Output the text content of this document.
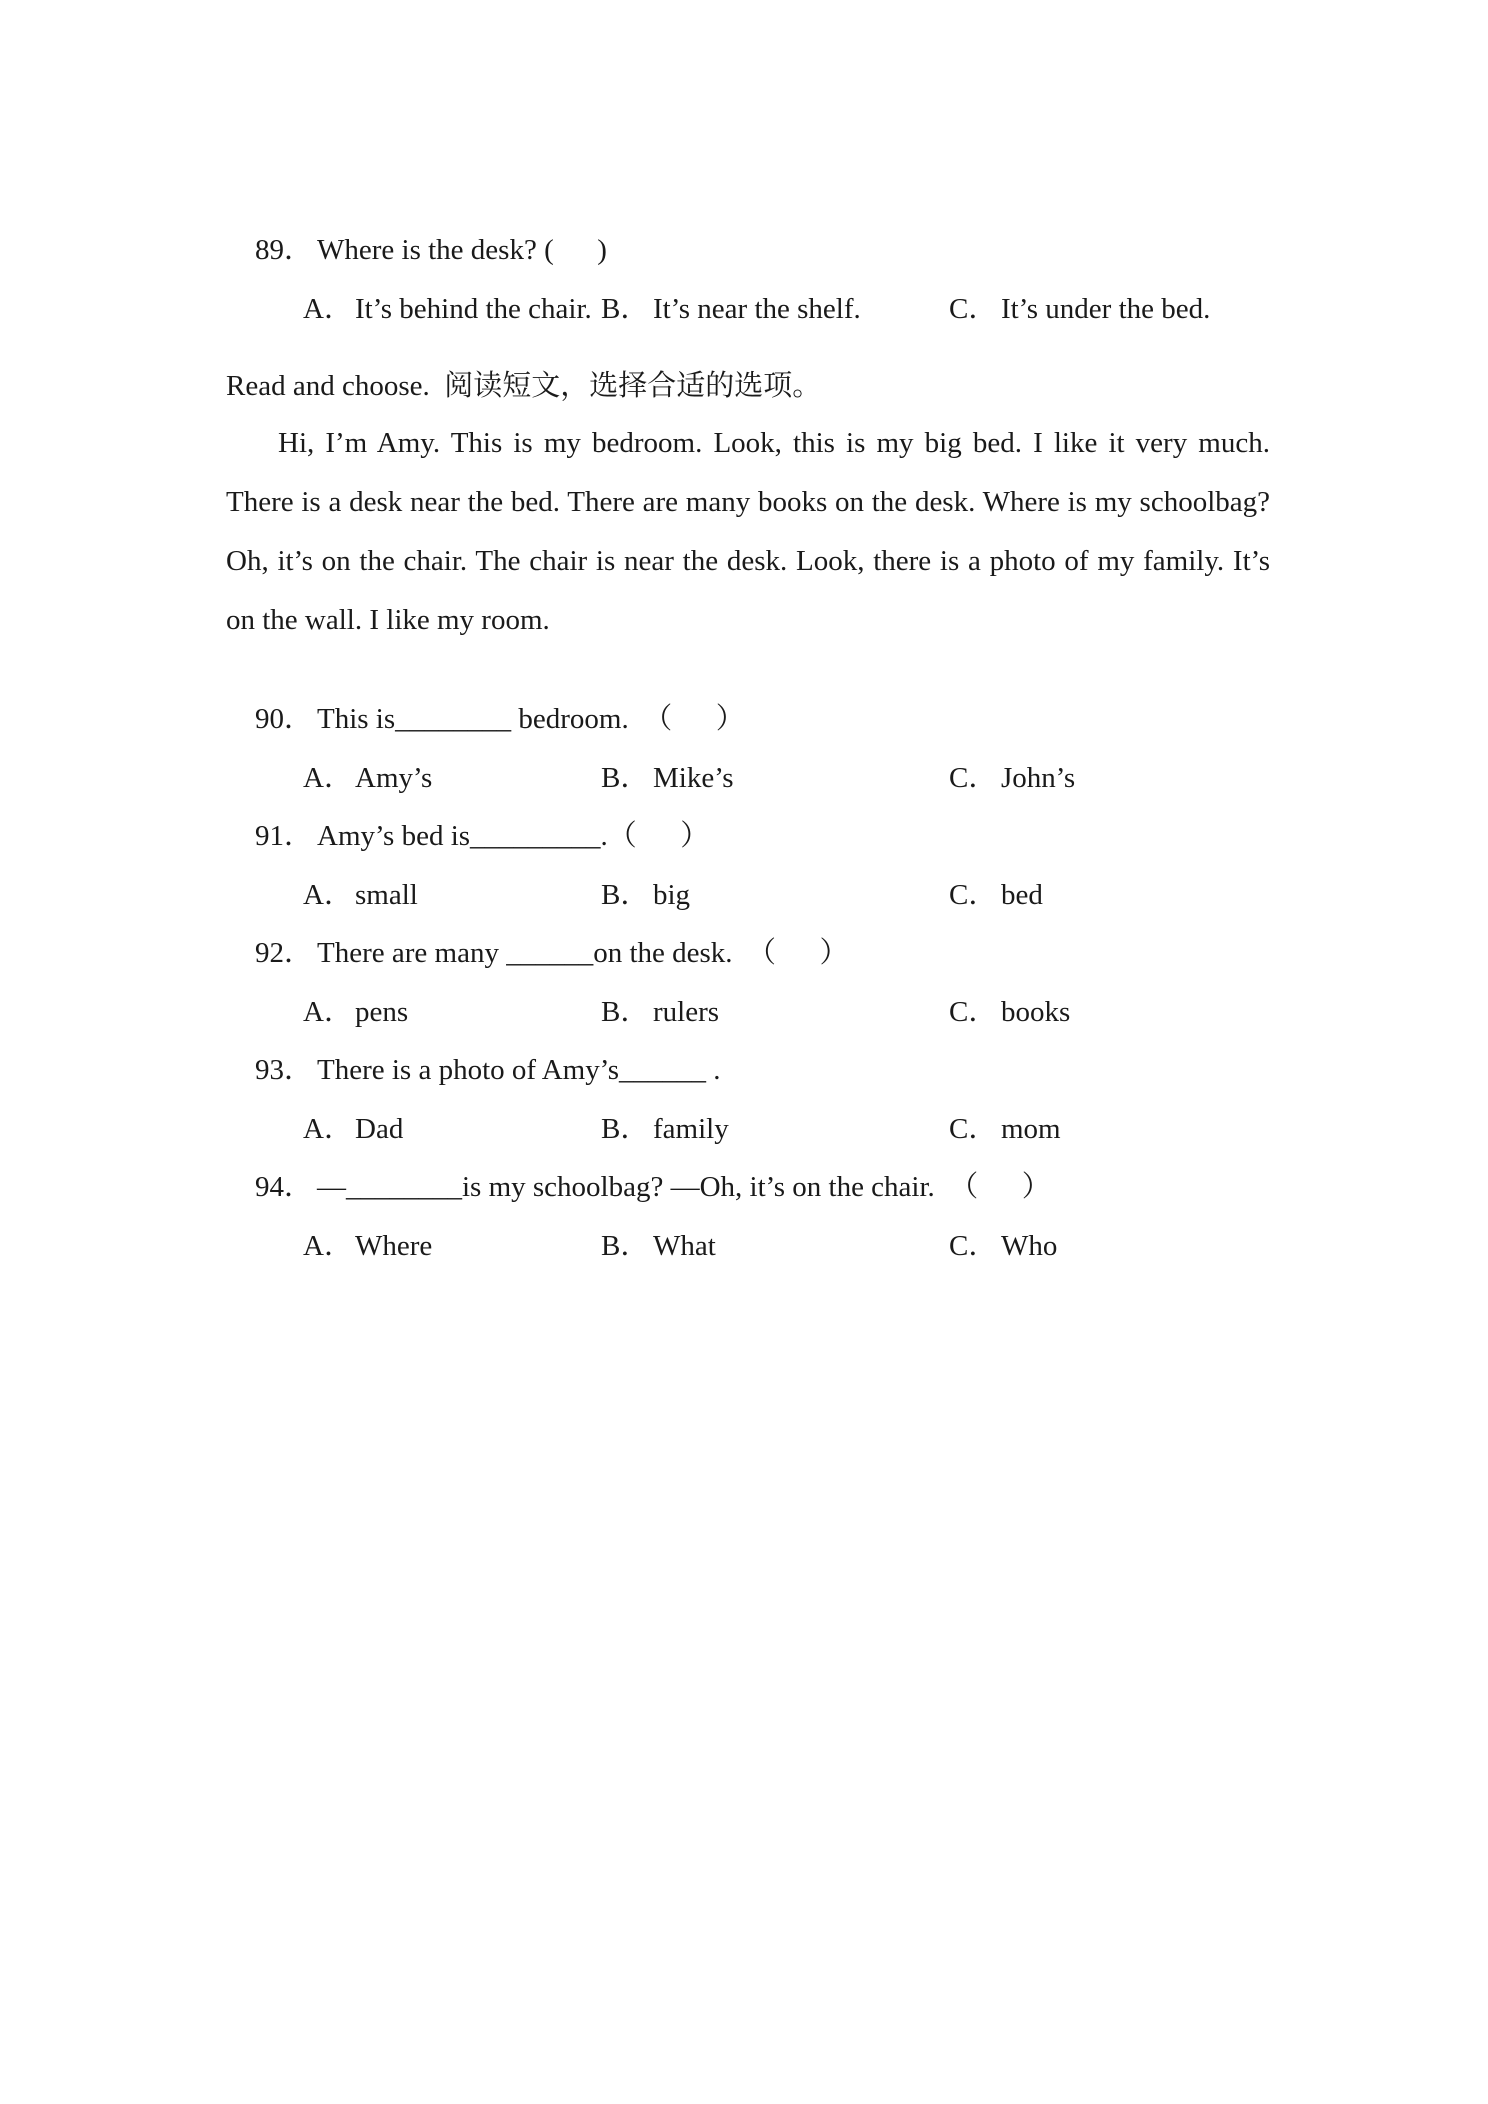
89． Where is the desk? (      )

A．It’s behind the chair.
B． It’s near the shelf.
	C． It’s under the bed.

Read and choose.  阅读短文，选择合适的选项。
Hi, I’m Amy. This is my bedroom. Look, this is my big bed. I like it very much. There is a desk near the bed. There are many books on the desk. Where is my schoolbag? Oh, it’s on the chair. The chair is near the desk. Look, there is a photo of my family. It’s on the wall. I like my room.

90． This is________ bedroom.  （      ）

A．Amy’s
	B． Mike’s
	C． John’s

91． Amy’s bed is_________.（      ）

A．small
	B． big
	C． bed

92． There are many ______on the desk.  （      ）

A．pens
	B． rulers
	C． books

93． There is a photo of Amy’s______ .

A．Dad
	B． family
	C． mom

94． —________is my schoolbag? —Oh, it’s on the chair.  （      ）

A．Where
	B． What
	C． Who
